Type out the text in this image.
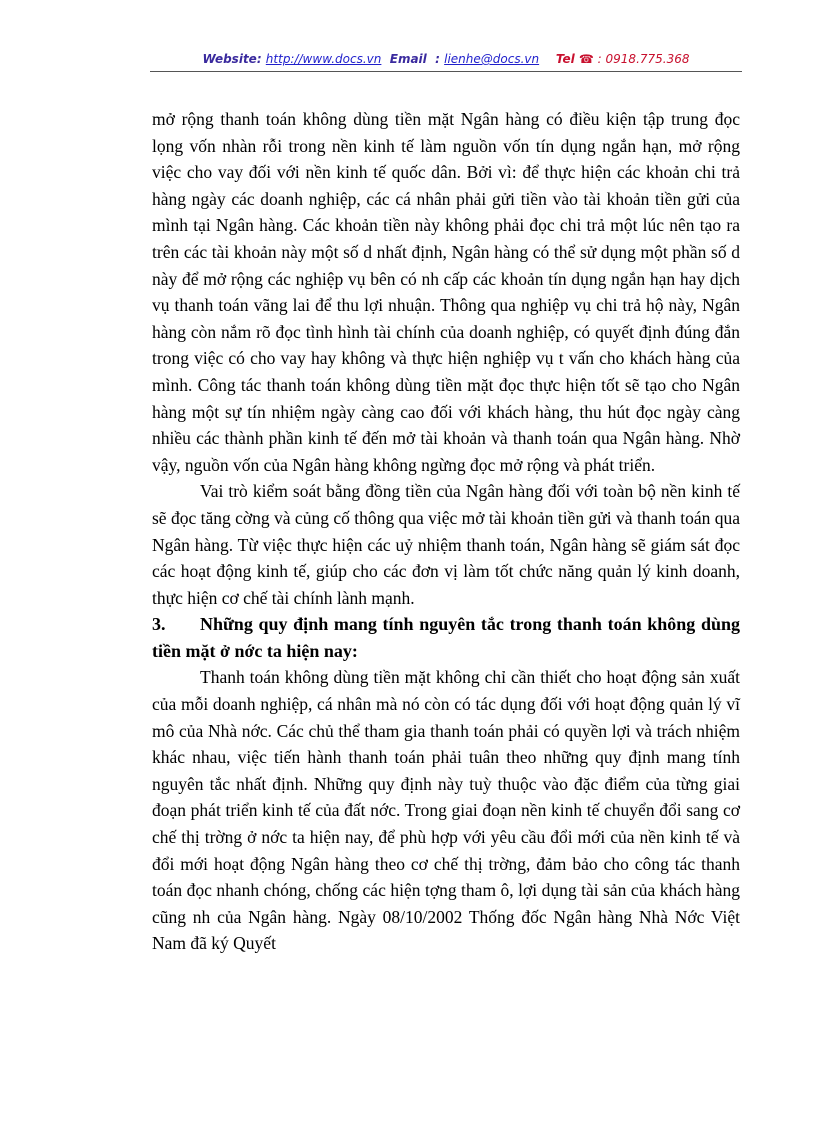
Website: http://www.docs.vn Email : lienhe@docs.vn Tel ☎ : 0918.775.368

mở rộng thanh toán không dùng tiền mặt Ngân hàng có điều kiện tập trung đọc lọng vốn nhàn rỗi trong nền kinh tế làm nguồn vốn tín dụng ngắn hạn, mở rộng việc cho vay đối với nền kinh tế quốc dân. Bởi vì: để thực hiện các khoản chi trả hàng ngày các doanh nghiệp, các cá nhân phải gửi tiền vào tài khoản tiền gửi của mình tại Ngân hàng. Các khoản tiền này không phải đọc chi trả một lúc nên tạo ra trên các tài khoản này một số d nhất định, Ngân hàng có thể sử dụng một phần số d này để mở rộng các nghiệp vụ bên có nh cấp các khoản tín dụng ngắn hạn hay dịch vụ thanh toán vãng lai để thu lợi nhuận. Thông qua nghiệp vụ chi trả hộ này, Ngân hàng còn nắm rõ đọc tình hình tài chính của doanh nghiệp, có quyết định đúng đắn trong việc có cho vay hay không và thực hiện nghiệp vụ t vấn cho khách hàng của mình. Công tác thanh toán không dùng tiền mặt đọc thực hiện tốt sẽ tạo cho Ngân hàng một sự tín nhiệm ngày càng cao đối với khách hàng, thu hút đọc ngày càng nhiều các thành phần kinh tế đến mở tài khoản và thanh toán qua Ngân hàng. Nhờ vậy, nguồn vốn của Ngân hàng không ngừng đọc mở rộng và phát triển.

Vai trò kiểm soát bằng đồng tiền của Ngân hàng đối với toàn bộ nền kinh tế sẽ đọc tăng cờng và củng cố thông qua việc mở tài khoản tiền gửi và thanh toán qua Ngân hàng. Từ việc thực hiện các uỷ nhiệm thanh toán, Ngân hàng sẽ giám sát đọc các hoạt động kinh tế, giúp cho các đơn vị làm tốt chức năng quản lý kinh doanh, thực hiện cơ chế tài chính lành mạnh.

3. Những quy định mang tính nguyên tắc trong thanh toán không dùng tiền mặt ở nớc ta hiện nay:

Thanh toán không dùng tiền mặt không chỉ cần thiết cho hoạt động sản xuất của mỗi doanh nghiệp, cá nhân mà nó còn có tác dụng đối với hoạt động quản lý vĩ mô của Nhà nớc. Các chủ thể tham gia thanh toán phải có quyền lợi và trách nhiệm khác nhau, việc tiến hành thanh toán phải tuân theo những quy định mang tính nguyên tắc nhất định. Những quy định này tuỳ thuộc vào đặc điểm của từng giai đoạn phát triển kinh tế của đất nớc. Trong giai đoạn nền kinh tế chuyển đổi sang cơ chế thị trờng ở nớc ta hiện nay, để phù hợp với yêu cầu đổi mới của nền kinh tế và đổi mới hoạt động Ngân hàng theo cơ chế thị trờng, đảm bảo cho công tác thanh toán đọc nhanh chóng, chống các hiện tợng tham ô, lợi dụng tài sản của khách hàng cũng nh của Ngân hàng. Ngày 08/10/2002 Thống đốc Ngân hàng Nhà Nớc Việt Nam đã ký Quyết
